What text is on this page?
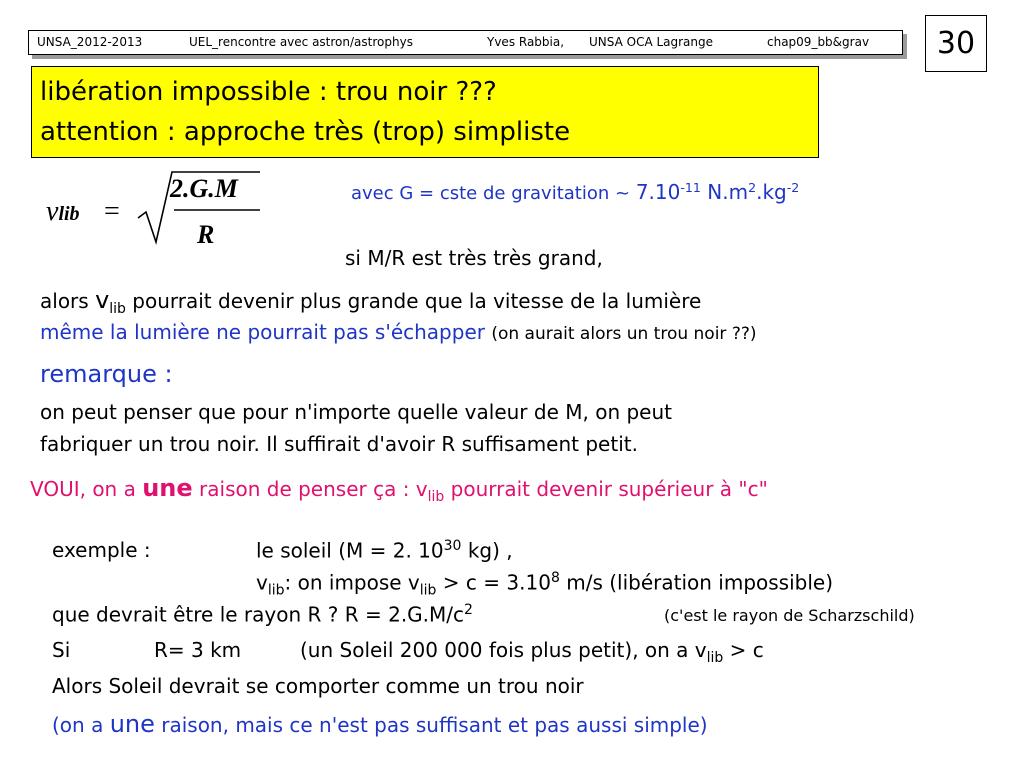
UNSA_2012-2013	UEL_rencontre avec astron/astrophys	Yves Rabbia, UNSA OCA Lagrange	chap09_bb&grav	30
libération impossible : trou noir ???
attention : approche très (trop) simpliste
vlib =
2.G.M
R
avec G = cste de gravitation ~ $7.10^{-11}$ $N.m^2.kg^{-2}$
si M/R est très très grand,
alors $v_{lib}$ pourrait devenir plus grande que la vitesse de la lumière
même la lumière ne pourrait pas s'échapper (on aurait alors un trou noir ??)
remarque :
on peut penser que pour n'importe quelle valeur de M, on peut
fabriquer un trou noir. Il suffirait d'avoir R suffisament petit.
VOUI, on a une raison de penser ça : $v_{lib}$ pourrait devenir supérieur à "c"
exemple :	le soleil (M = 2. $10^{30}$ kg) ,
$v_{lib}$: on impose $v_{lib} > c = 3.10^8$ m/s (libération impossible)
que devrait être le rayon R ? $R = 2.G.M/c^2$	(c'est le rayon de Scharzschild)
Si	R= 3 km	(un Soleil 200 000 fois plus petit), on a $v_{lib} > c$
Alors Soleil devrait se comporter comme un trou noir
(on a une raison, mais ce n'est pas suffisant et pas aussi simple)
